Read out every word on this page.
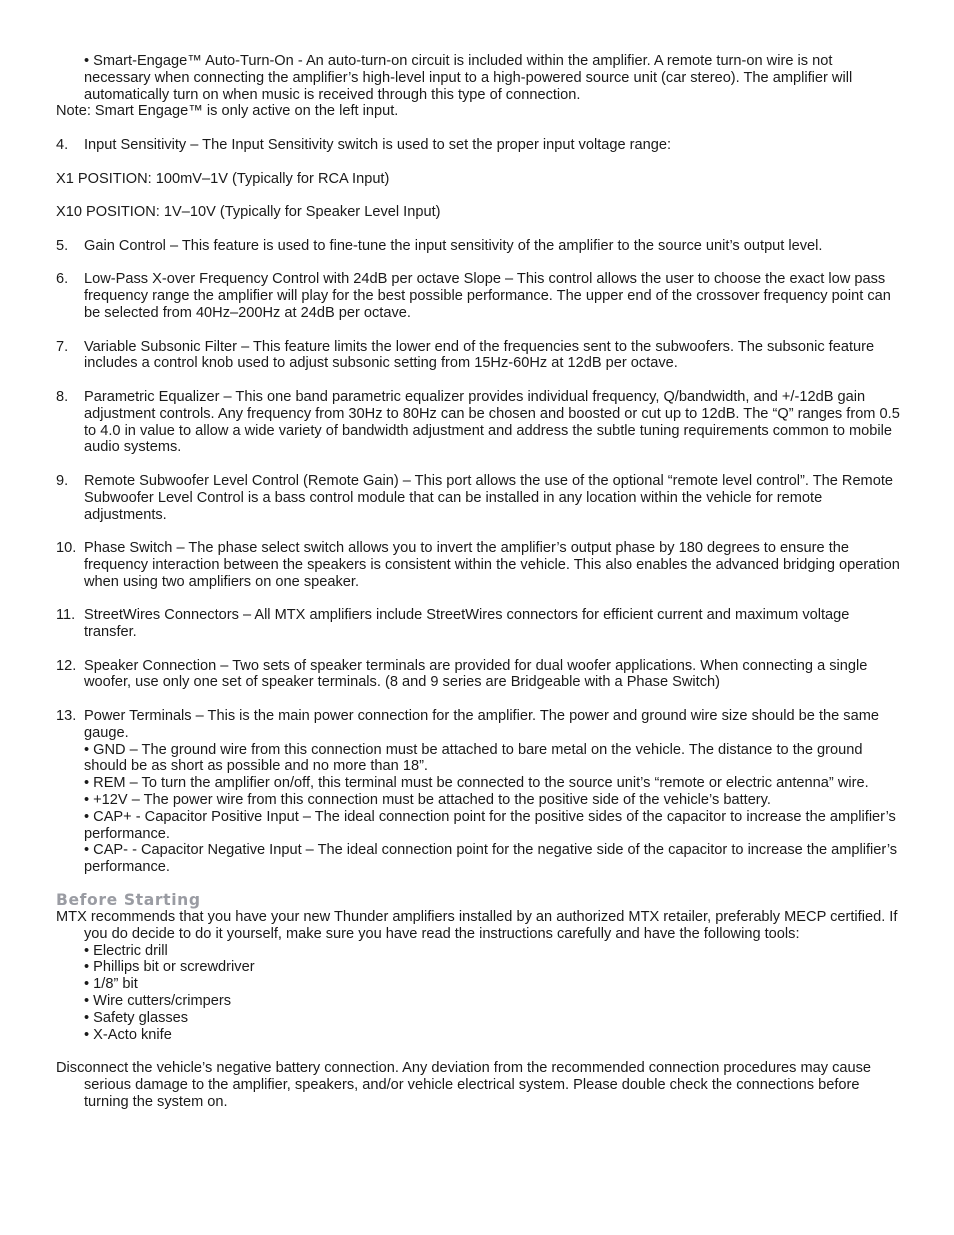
• Smart-Engage™ Auto-Turn-On - An auto-turn-on circuit is included within the amplifier. A remote turn-on wire is not necessary when connecting the amplifier’s high-level input to a high-powered source unit (car stereo). The amplifier will automatically turn on when music is received through this type of connection.

Note: Smart Engage™ is only active on the left input.

4.	Input Sensitivity – The Input Sensitivity switch is used to set the proper input voltage range:

X1 POSITION: 100mV–1V (Typically for RCA Input)

X10 POSITION: 1V–10V (Typically for Speaker Level Input)

5.	Gain Control – This feature is used to fine-tune the input sensitivity of the amplifier to the source unit’s output level.
6.	Low-Pass X-over Frequency Control with 24dB per octave Slope – This control allows the user to choose the exact low pass frequency range the amplifier will play for the best possible performance. The upper end of the crossover frequency point can be selected from 40Hz–200Hz at 24dB per octave.
7.	Variable Subsonic Filter – This feature limits the lower end of the frequencies sent to the subwoofers. The subsonic feature includes a control knob used to adjust subsonic setting from 15Hz-60Hz at 12dB per octave.
8.	Parametric Equalizer – This one band parametric equalizer provides individual frequency, Q/bandwidth, and +/-12dB gain adjustment controls. Any frequency from 30Hz to 80Hz can be chosen and boosted or cut up to 12dB. The “Q” ranges from 0.5 to 4.0 in value to allow a wide variety of bandwidth adjustment and address the subtle tuning requirements common to mobile audio systems.
9.	Remote Subwoofer Level Control (Remote Gain) – This port allows the use of the optional “remote level control”. The Remote Subwoofer Level Control is a bass control module that can be installed in any location within the vehicle for remote adjustments.
10. Phase Switch – The phase select switch allows you to invert the amplifier’s output phase by 180 degrees to ensure the frequency interaction between the speakers is consistent within the vehicle. This also enables the advanced bridging operation when using two amplifiers on one speaker.
11. StreetWires Connectors – All MTX amplifiers include StreetWires connectors for efficient current and maximum voltage transfer.
12. Speaker Connection – Two sets of speaker terminals are provided for dual woofer applications. When connecting a single woofer, use only one set of speaker terminals. (8 and 9 series are Bridgeable with a Phase Switch)
13. Power Terminals – This is the main power connection for the amplifier. The power and ground wire size should be the same gauge.

• GND – The ground wire from this connection must be attached to bare metal on the vehicle. The distance to the ground should be as short as possible and no more than 18”.

• REM – To turn the amplifier on/off, this terminal must be connected to the source unit’s “remote or electric antenna” wire.

• +12V – The power wire from this connection must be attached to the positive side of the vehicle’s battery.

• CAP+ - Capacitor Positive Input – The ideal connection point for the positive sides of the capacitor to increase the amplifier’s performance.

• CAP- - Capacitor Negative Input – The ideal connection point for the negative side of the capacitor to increase the amplifier’s performance.

Before Starting

MTX recommends that you have your new Thunder amplifiers installed by an authorized MTX retailer, preferably MECP certified. If you do decide to do it yourself, make sure you have read the instructions carefully and have the following tools:

• Electric drill

• Phillips bit or screwdriver

• 1/8” bit

• Wire cutters/crimpers

• Safety glasses

• X-Acto knife

Disconnect the vehicle’s negative battery connection. Any deviation from the recommended connection procedures may cause serious damage to the amplifier, speakers, and/or vehicle electrical system. Please double check the connections before turning the system on.
